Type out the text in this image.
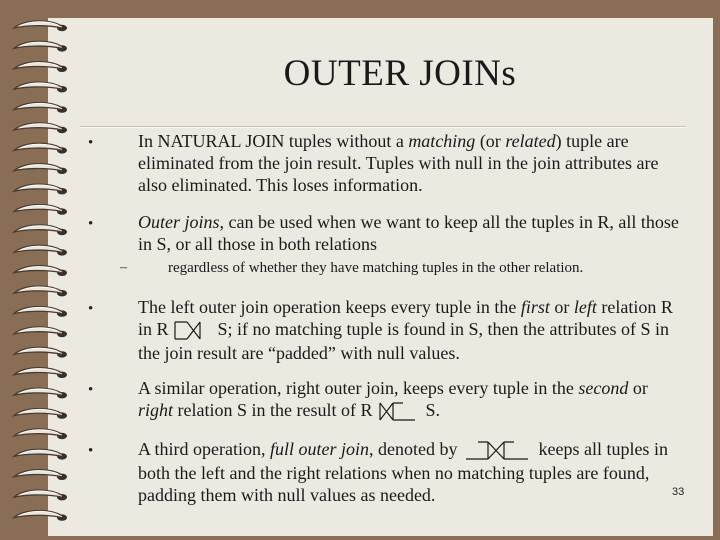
OUTER JOINs
• In NATURAL JOIN tuples without a matching (or related) tuple are eliminated from the join result. Tuples with null in the join attributes are also eliminated. This loses information.
• Outer joins, can be used when we want to keep all the tuples in R, all those in S, or all those in both relations
–	regardless of whether they have matching tuples in the other relation.
• The left outer join operation keeps every tuple in the first or left relation R in R  S; if no matching tuple is found in S, then the attributes of S in the join result are “padded” with null values.
• A similar operation, right outer join, keeps every tuple in the second or right relation S in the result of R	S.
• A third operation, full outer join, denoted by	keeps all tuples in both the left and the right relations when no matching tuples are found, padding them with null values as needed.	33
